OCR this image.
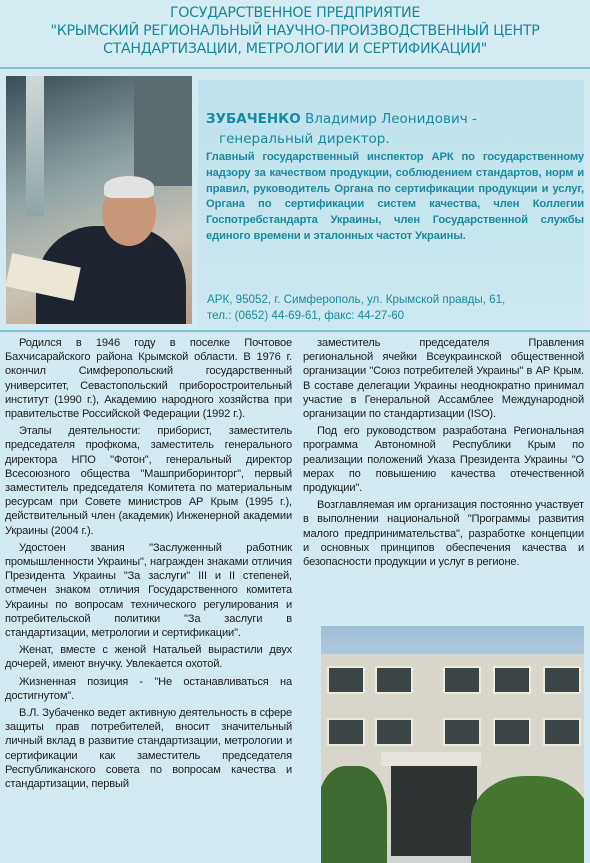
ГОСУДАРСТВЕННОЕ ПРЕДПРИЯТИЕ
"КРЫМСКИЙ РЕГИОНАЛЬНЫЙ НАУЧНО-ПРОИЗВОДСТВЕННЫЙ ЦЕНТР
СТАНДАРТИЗАЦИИ, МЕТРОЛОГИИ И СЕРТИФИКАЦИИ"
ЗУБАЧЕНКО Владимир Леонидович -
генеральный директор.
Главный государственный инспектор АРК по государственному надзору за качеством продукции, соблюдением стандартов, норм и правил, руководитель Органа по сертификации продукции и услуг, Органа по сертификации систем качества, член Коллегии Госпотребстандарта Украины, член Государственной службы единого времени и эталонных частот Украины.
АРК, 95052, г. Симферополь, ул. Крымской правды, 61,
тел.: (0652) 44-69-61, факс: 44-27-60

Родился в 1946 году в поселке Почтовое Бахчисарайского района Крымской области. В 1976 г. окончил Симферопольский государственный университет, Севастопольский приборостроительный институт (1990 г.), Академию народного хозяйства при правительстве Российской Федерации (1992 г.).

Этапы деятельности: приборист, заместитель председателя профкома, заместитель генерального директора НПО "Фотон", генеральный директор Всесоюзного общества "Машприборинторг", первый заместитель председателя Комитета по материальным ресурсам при Совете министров АР Крым (1995 г.), действительный член (академик) Инженерной академии Украины (2004 г.).

Удостоен звания "Заслуженный работник промышленности Украины", награжден знаками отличия Президента Украины "За заслуги" III и II степеней, отмечен знаком отличия Государственного комитета Украины по вопросам технического регулирования и потребительской политики "За заслуги в стандартизации, метрологии и сертификации".

Женат, вместе с женой Натальей вырастили двух дочерей, имеют внучку. Увлекается охотой.

Жизненная позиция - "Не останавливаться на достигнутом".

В.Л. Зубаченко ведет активную деятельность в сфере защиты прав потребителей, вносит значительный личный вклад в развитие стандартизации, метрологии и сертификации как заместитель председателя Республиканского совета по вопросам качества и стандартизации, первый

заместитель председателя Правления региональной ячейки Всеукраинской общественной организации "Союз потребителей Украины" в АР Крым. В составе делегации Украины неоднократно принимал участие в Генеральной Ассамблее Международной организации по стандартизации (ISO).

Под его руководством разработана Региональная программа Автономной Республики Крым по реализации положений Указа Президента Украины "О мерах по повышению качества отечественной продукции".

Возглавляемая им организация постоянно участвует в выполнении национальной "Программы развития малого предпринимательства", разработке концепции и основных принципов обеспечения качества и безопасности продукции и услуг в регионе.
